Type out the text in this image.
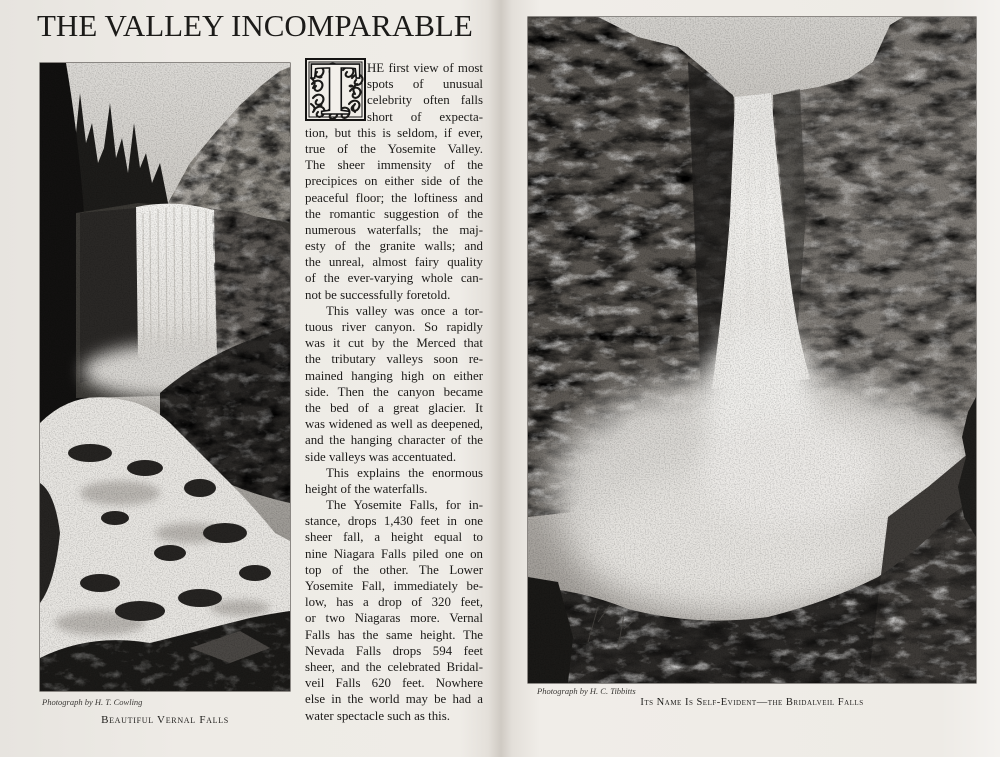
THE VALLEY INCOMPARABLE
Photograph by H. T. Cowling
Beautiful Vernal Falls
T HE first view of most
spots of unusual
celebrity often falls
short of expecta-
tion, but this is seldom, if ever,
true of the Yosemite Valley.
The sheer immensity of the
precipices on either side of the
peaceful floor; the loftiness and
the romantic suggestion of the
numerous waterfalls; the maj-
esty of the granite walls; and
the unreal, almost fairy quality
of the ever-varying whole can-
not be successfully foretold.
This valley was once a tor-
tuous river canyon. So rapidly
was it cut by the Merced that
the tributary valleys soon re-
mained hanging high on either
side. Then the canyon became
the bed of a great glacier. It
was widened as well as deepened,
and the hanging character of the
side valleys was accentuated.
This explains the enormous
height of the waterfalls.
The Yosemite Falls, for in-
stance, drops 1,430 feet in one
sheer fall, a height equal to
nine Niagara Falls piled one on
top of the other. The Lower
Yosemite Fall, immediately be-
low, has a drop of 320 feet,
or two Niagaras more. Vernal
Falls has the same height. The
Nevada Falls drops 594 feet
sheer, and the celebrated Bridal-
veil Falls 620 feet. Nowhere
else in the world may be had a
water spectacle such as this.
Photograph by H. C. Tibbitts
Its Name Is Self-Evident—the Bridalveil Falls
